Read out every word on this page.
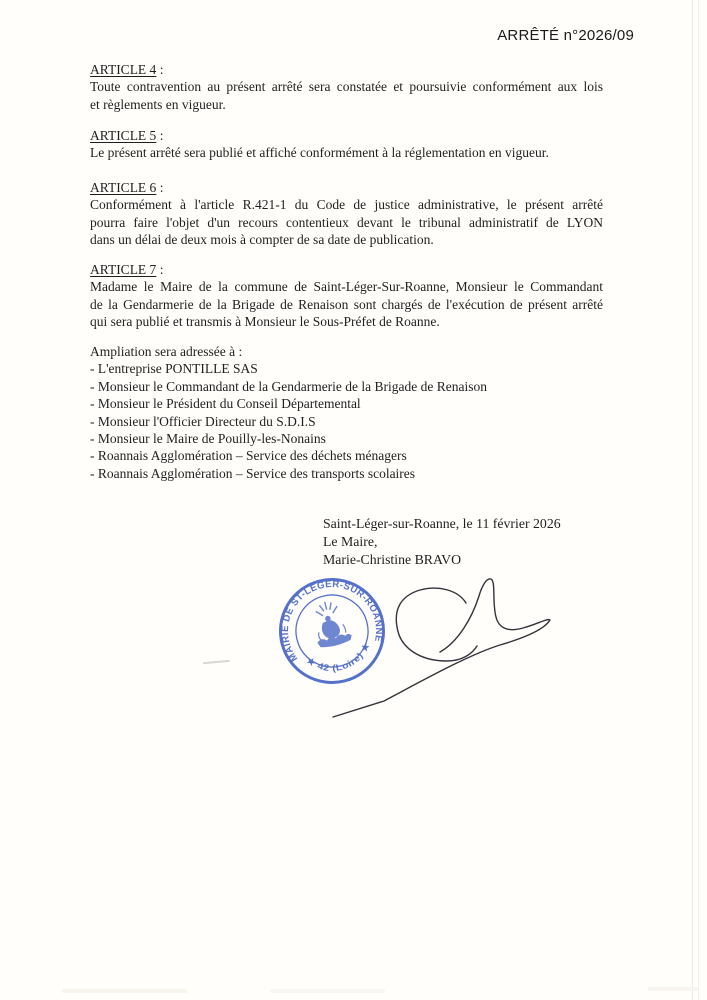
ARRÊTÉ n°2026/09
ARTICLE 4 :
Toute contravention au présent arrêté sera constatée et poursuivie conformément aux lois
et règlements en vigueur.
ARTICLE 5 :
Le présent arrêté sera publié et affiché conformément à la réglementation en vigueur.
ARTICLE 6 :
Conformément à l'article R.421-1 du Code de justice administrative, le présent arrêté
pourra faire l'objet d'un recours contentieux devant le tribunal administratif de LYON
dans un délai de deux mois à compter de sa date de publication.
ARTICLE 7 :
Madame le Maire de la commune de Saint-Léger-Sur-Roanne, Monsieur le Commandant
de la Gendarmerie de la Brigade de Renaison sont chargés de l'exécution de présent arrêté
qui sera publié et transmis à Monsieur le Sous-Préfet de Roanne.
Ampliation sera adressée à :
- L'entreprise PONTILLE SAS
- Monsieur le Commandant de la Gendarmerie de la Brigade de Renaison
- Monsieur le Président du Conseil Départemental
- Monsieur l'Officier Directeur du S.D.I.S
- Monsieur le Maire de Pouilly-les-Nonains
- Roannais Agglomération – Service des déchets ménagers
- Roannais Agglomération – Service des transports scolaires
Saint-Léger-sur-Roanne, le 11 février 2026
Le Maire,
Marie-Christine BRAVO
MAIRIE DE ST-LÉGER-SUR-ROANNE
★ 42 (Loire) ★
